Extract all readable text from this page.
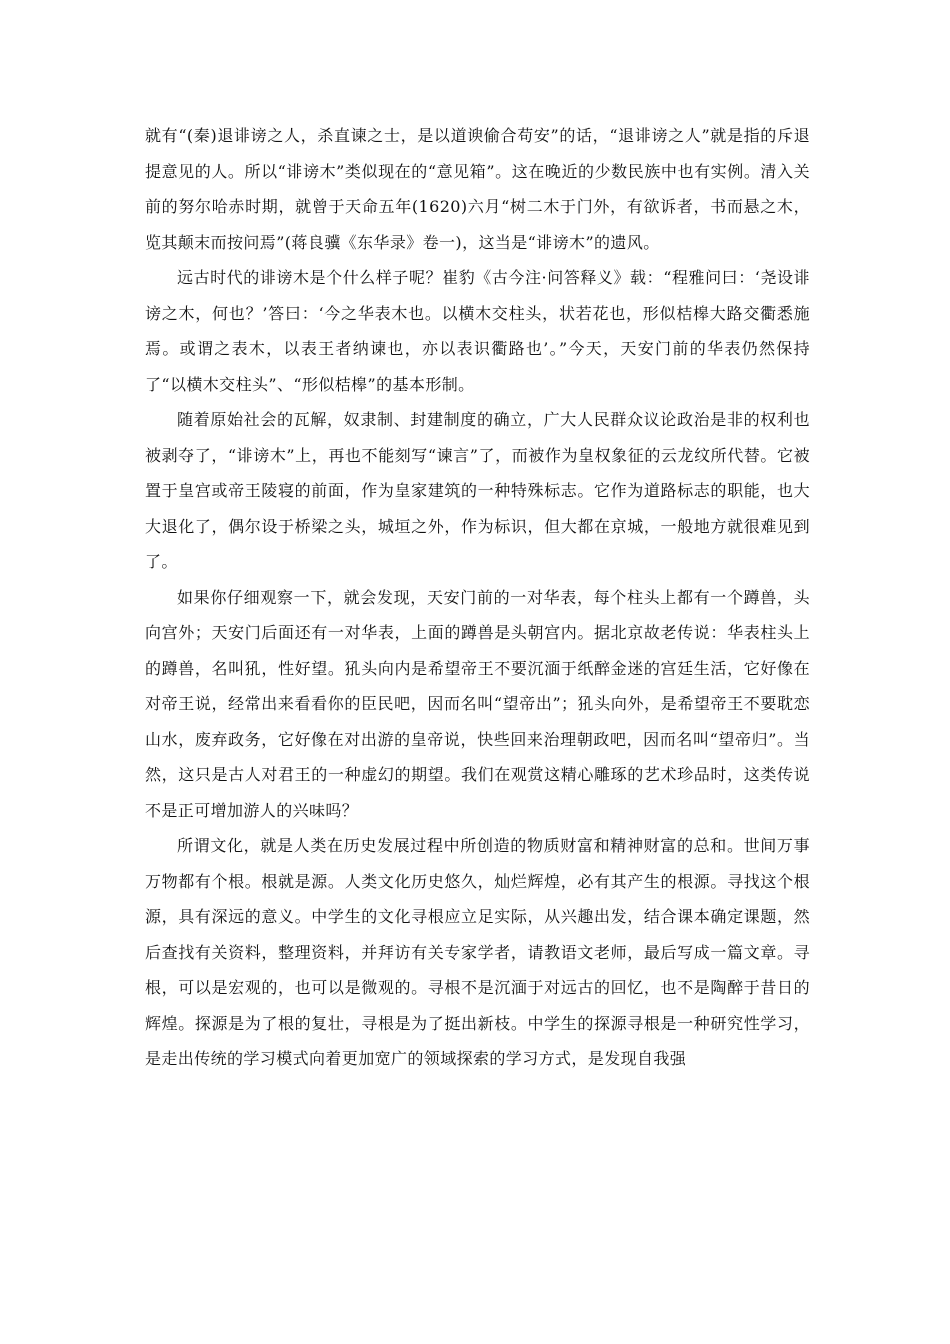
就有“(秦)退诽谤之人，杀直谏之士，是以道谀偷合苟安”的话，“退诽谤之人”就是指的斥退提意见的人。所以“诽谤木”类似现在的“意见箱”。这在晚近的少数民族中也有实例。清入关前的努尔哈赤时期，就曾于天命五年(1620)六月“树二木于门外，有欲诉者，书而悬之木，览其颠末而按问焉”(蒋良骥《东华录》卷一)，这当是“诽谤木”的遗风。

远古时代的诽谤木是个什么样子呢？崔豹《古今注·问答释义》载：“程雅问曰：‘尧设诽谤之木，何也？’答曰：‘今之华表木也。以横木交柱头，状若花也，形似桔槔大路交衢悉施焉。或谓之表木，以表王者纳谏也，亦以表识衢路也’。”今天，天安门前的华表仍然保持了“以横木交柱头”、“形似桔槔”的基本形制。

随着原始社会的瓦解，奴隶制、封建制度的确立，广大人民群众议论政治是非的权利也被剥夺了，“诽谤木”上，再也不能刻写“谏言”了，而被作为皇权象征的云龙纹所代替。它被置于皇宫或帝王陵寝的前面，作为皇家建筑的一种特殊标志。它作为道路标志的职能，也大大退化了，偶尔设于桥梁之头，城垣之外，作为标识，但大都在京城，一般地方就很难见到了。

如果你仔细观察一下，就会发现，天安门前的一对华表，每个柱头上都有一个蹲兽，头向宫外；天安门后面还有一对华表，上面的蹲兽是头朝宫内。据北京故老传说：华表柱头上的蹲兽，名叫犼，性好望。犼头向内是希望帝王不要沉湎于纸醉金迷的宫廷生活，它好像在对帝王说，经常出来看看你的臣民吧，因而名叫“望帝出”；犼头向外，是希望帝王不要耽恋山水，废弃政务，它好像在对出游的皇帝说，快些回来治理朝政吧，因而名叫“望帝归”。当然，这只是古人对君王的一种虚幻的期望。我们在观赏这精心雕琢的艺术珍品时，这类传说不是正可增加游人的兴味吗？

所谓文化，就是人类在历史发展过程中所创造的物质财富和精神财富的总和。世间万事万物都有个根。根就是源。人类文化历史悠久，灿烂辉煌，必有其产生的根源。寻找这个根源，具有深远的意义。中学生的文化寻根应立足实际，从兴趣出发，结合课本确定课题，然后查找有关资料，整理资料，并拜访有关专家学者，请教语文老师，最后写成一篇文章。寻根，可以是宏观的，也可以是微观的。寻根不是沉湎于对远古的回忆，也不是陶醉于昔日的辉煌。探源是为了根的复壮，寻根是为了挺出新枝。中学生的探源寻根是一种研究性学习，是走出传统的学习模式向着更加宽广的领域探索的学习方式，是发现自我强
